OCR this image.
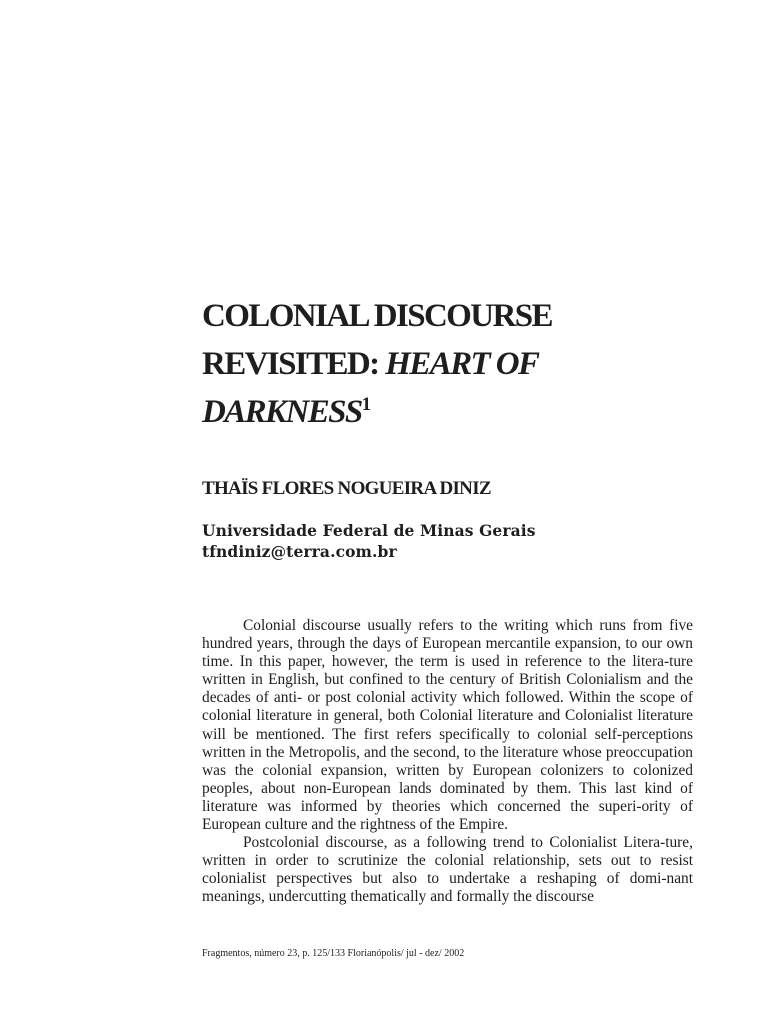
COLONIAL DISCOURSE
REVISITED: HEART OF
DARKNESS$^1$

THAÏS FLORES NOGUEIRA DINIZ

Universidade Federal de Minas Gerais
tfndiniz@terra.com.br

Colonial discourse usually refers to the writing which runs from five hundred years, through the days of European mercantile expansion, to our own time. In this paper, however, the term is used in reference to the litera-ture written in English, but confined to the century of British Colonialism and the decades of anti- or post colonial activity which followed. Within the scope of colonial literature in general, both Colonial literature and Colonialist literature will be mentioned. The first refers specifically to colonial self-perceptions written in the Metropolis, and the second, to the literature whose preoccupation was the colonial expansion, written by European colonizers to colonized peoples, about non-European lands dominated by them. This last kind of literature was informed by theories which concerned the superi-ority of European culture and the rightness of the Empire.

Postcolonial discourse, as a following trend to Colonialist Litera-ture, written in order to scrutinize the colonial relationship, sets out to resist colonialist perspectives but also to undertake a reshaping of domi-nant meanings, undercutting thematically and formally the discourse

Fragmentos, número 23, p. 125/133 Florianópolis/ jul - dez/ 2002
